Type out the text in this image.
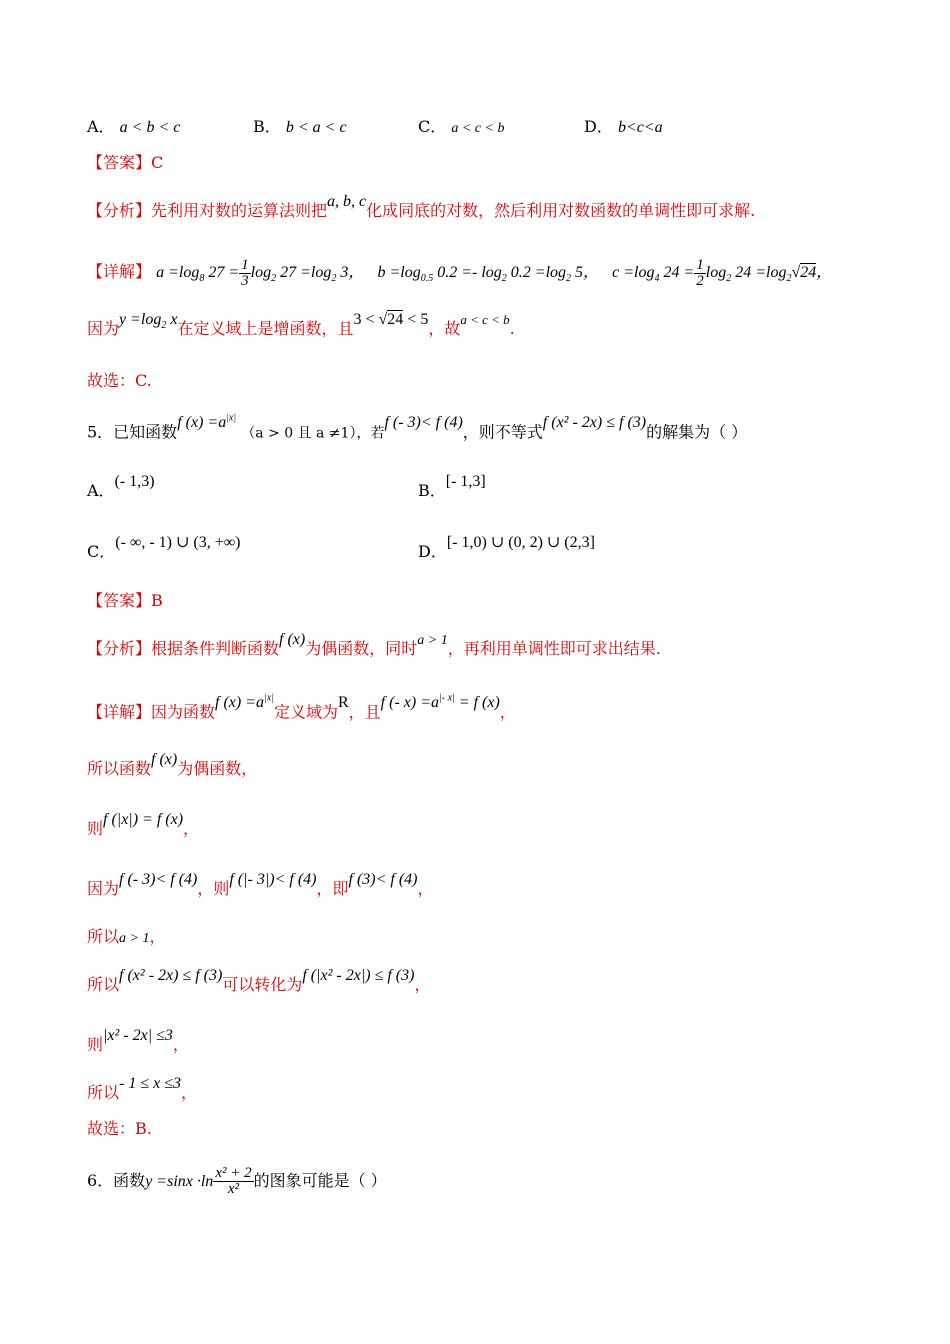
A． a < b < c	B． b < a < c	C． a < c < b	D． b<c<a
【答案】C
【分析】先利用对数的运算法则把a, b, c化成同底的对数，然后利用对数函数的单调性即可求解.
【详解】 $a =\log_8$ $27 = \frac{1}{3} \log_2 27 =\log_2$ 3， $b =\log_{0.5}$ $0.2 =- \log_2 0.2 =\log_2$ 5， $c =\log_4$ $24 = \frac{1}{2} \log_2 24 =\log_2√24$，
因为$y =\log_2$ x在定义域上是增函数，且3 < √24 < 5，故$^{a < c < b}$.
故选：C.
5．已知函数f $(x) =a^{|x|}$ （a > 0 且 a ≠1），若f (- 3)< f (4)，则不等式f (x² - 2x) ≤ f (3)的解集为（ ）
A．(- 1,3)	B．[- 1,3]
C．(- ∞, - 1) ∪ (3, +∞)	D．[- 1,0) ∪ (0, 2) ∪ (2,3]
【答案】B
【分析】根据条件判断函数f (x)为偶函数，同时a > 1，再利用单调性即可求出结果.
【详解】因为函数f $(x) =a^{|x|}$定义域为R，且f (- $x) =a^{|- x|} = f$ (x)，
所以函数f (x)为偶函数，
则f (|x|) = f (x)，
因为f (- 3)< f (4)，则f (|- 3|)< f (4)，即f (3)< f (4)，
所以a > 1，
所以f (x² - 2x) ≤ f (3)可以转化为f (|x² - 2x|) ≤ f (3)，
则|x² - 2x| ≤3，
所以- 1 ≤ x ≤3，
故选：B.
6．函数$y =\sin x \cdot\ln \frac{\text{x² + 2}}{\text{x²}}$ 的图象可能是（ ）
